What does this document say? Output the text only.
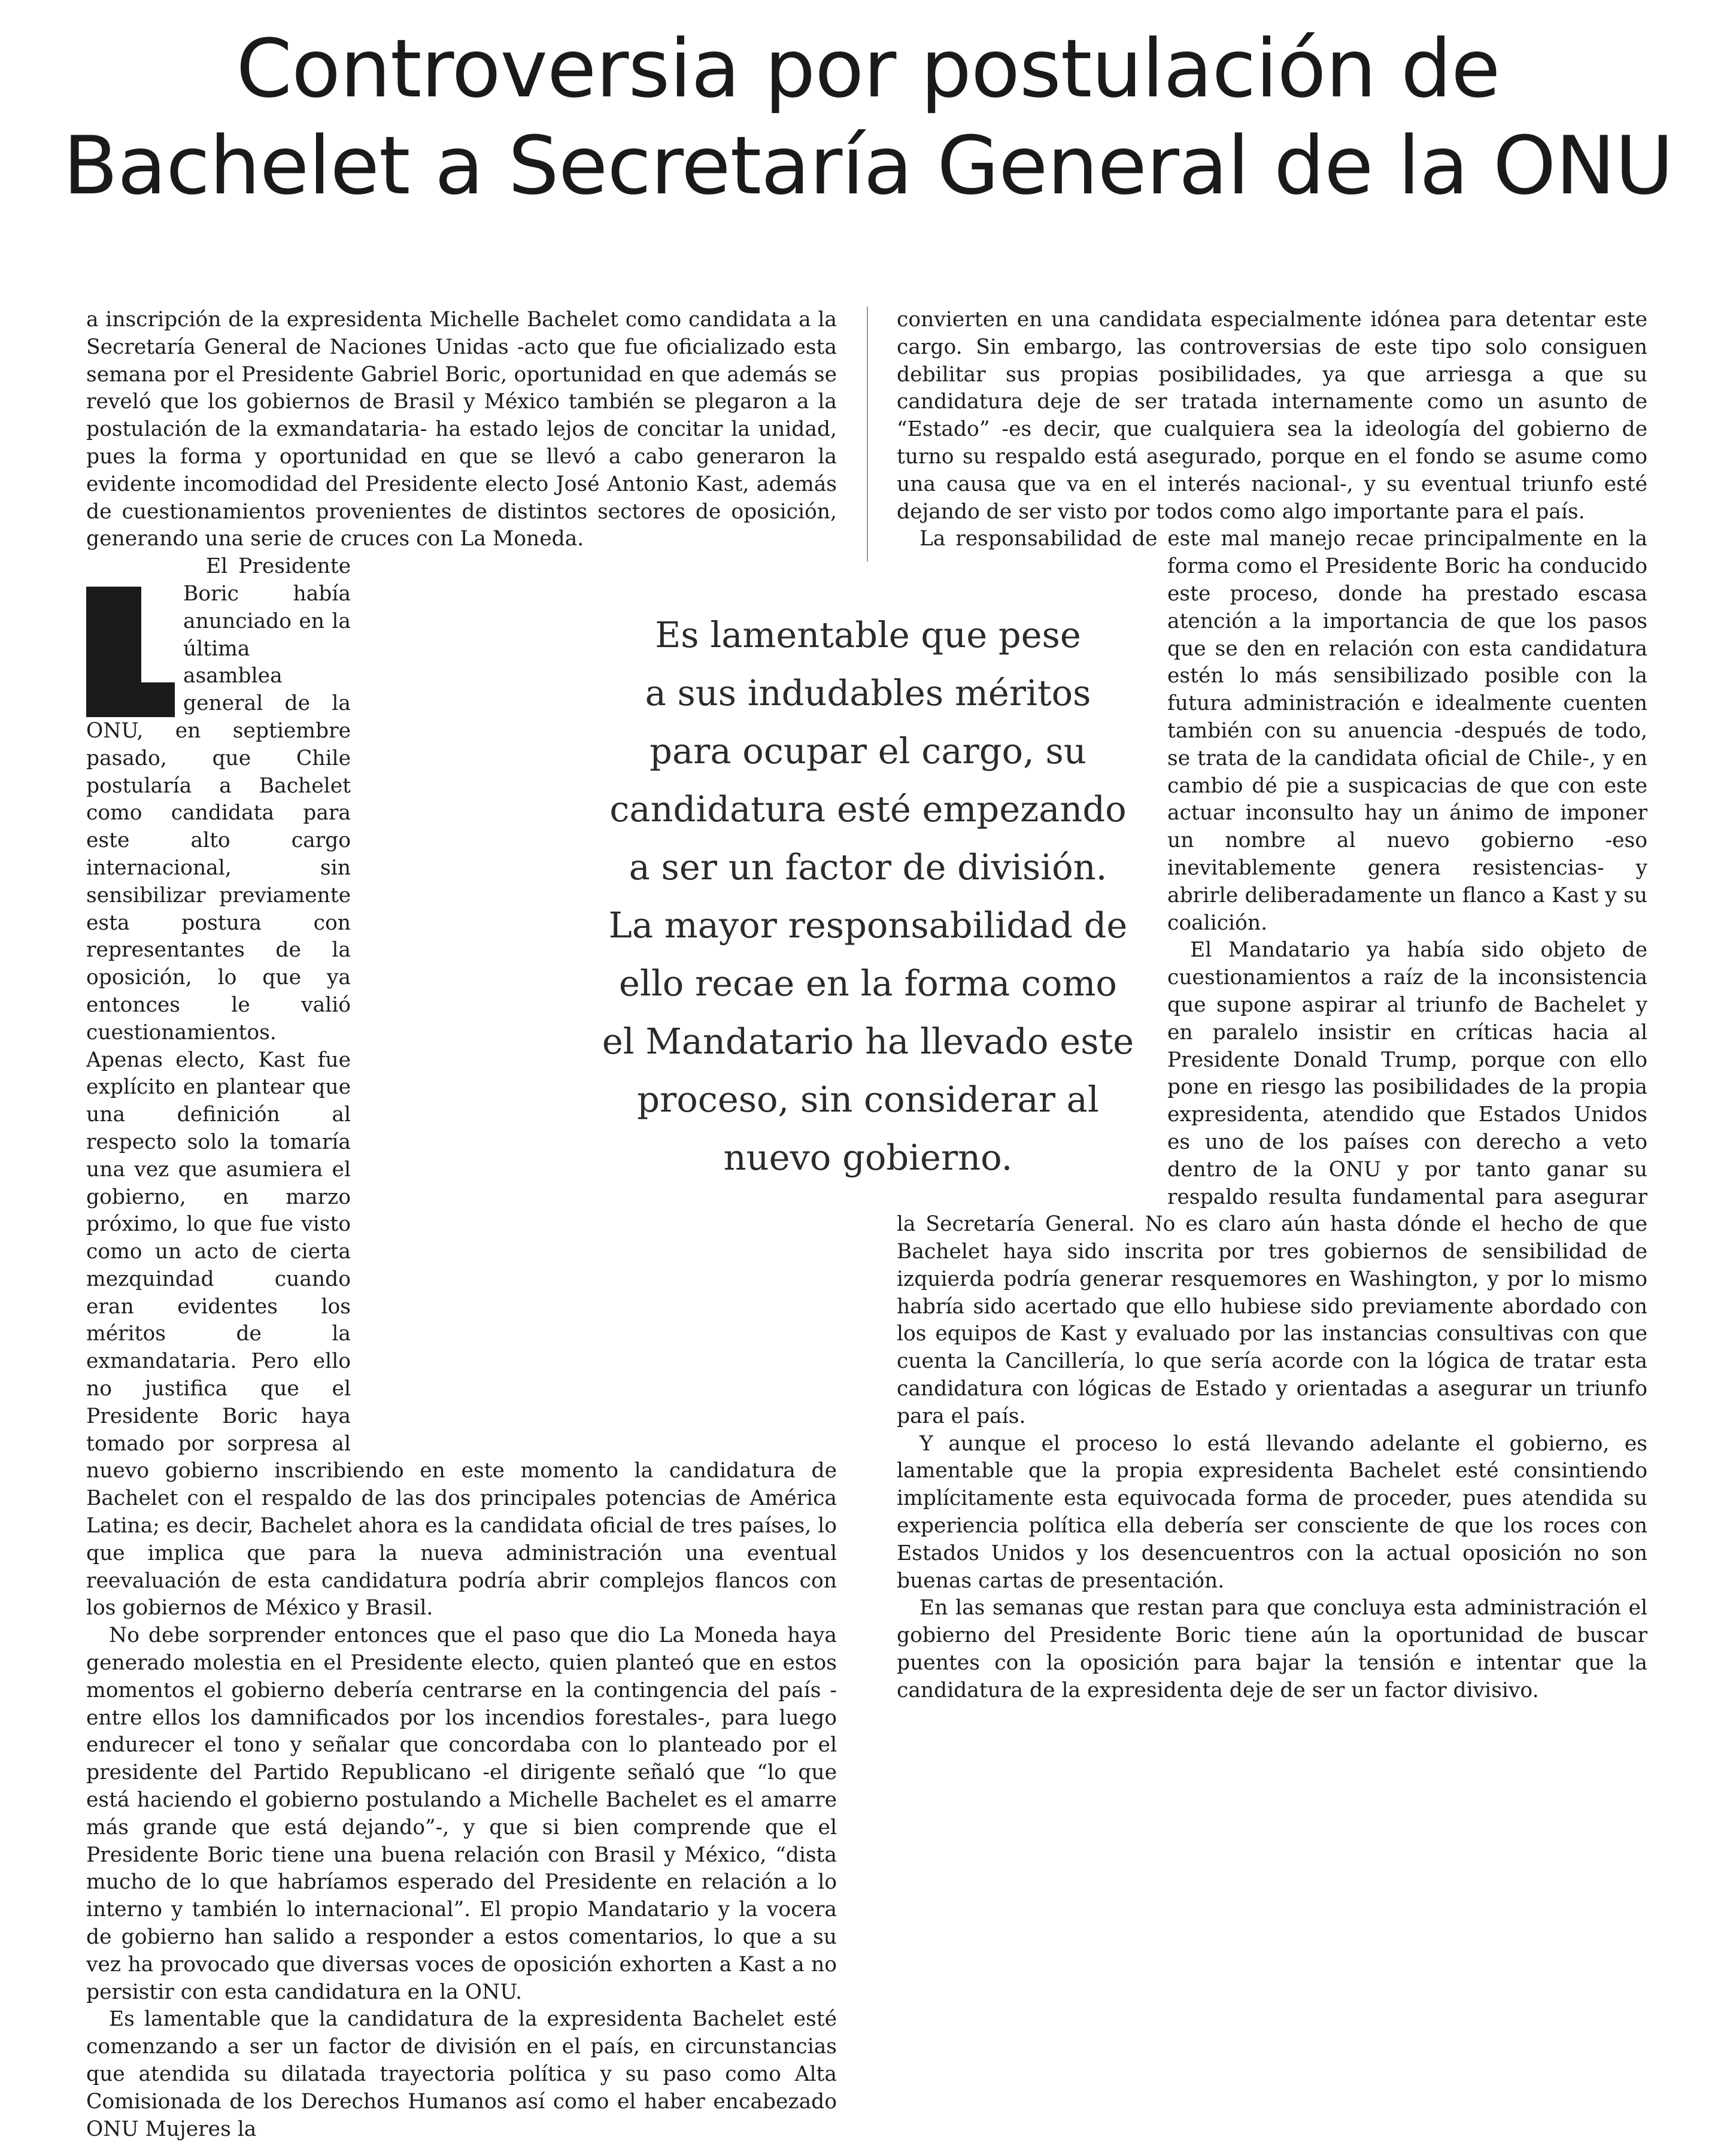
Controversia por postulación de
Bachelet a Secretaría General de la ONU

a inscripción de la expresidenta Michelle Bachelet como candidata a la Secretaría General de Naciones Unidas -acto que fue oficializado esta semana por el Presidente Gabriel Boric, oportunidad en que además se reveló que los gobiernos de Brasil y México también se plegaron a la postulación de la exmandataria- ha estado lejos de concitar la unidad, pues la forma y oportunidad en que se llevó a cabo generaron la evidente incomodidad del Presidente electo José Antonio Kast, además de cuestionamientos provenientes de distintos sectores de oposición, generando una serie de cruces con La Moneda.

El Presidente Boric había anunciado en la última asamblea general de la ONU, en septiembre pasado, que Chile postularía a Bachelet como candidata para este alto cargo internacional, sin sensibilizar previamente esta postura con representantes de la oposición, lo que ya entonces le valió cuestionamientos. Apenas electo, Kast fue explícito en plantear que una definición al respecto solo la tomaría una vez que asumiera el gobierno, en marzo próximo, lo que fue visto como un acto de cierta mezquindad cuando eran evidentes los méritos de la exmandataria. Pero ello no justifica que el Presidente Boric haya tomado por sorpresa al nuevo gobierno inscribiendo en este momento la candidatura de Bachelet con el respaldo de las dos principales potencias de América Latina; es decir, Bachelet ahora es la candidata oficial de tres países, lo que implica que para la nueva administración una eventual reevaluación de esta candidatura podría abrir complejos flancos con los gobiernos de México y Brasil.

No debe sorprender entonces que el paso que dio La Moneda haya generado molestia en el Presidente electo, quien planteó que en estos momentos el gobierno debería centrarse en la contingencia del país -entre ellos los damnificados por los incendios forestales-, para luego endurecer el tono y señalar que concordaba con lo planteado por el presidente del Partido Republicano -el dirigente señaló que “lo que está haciendo el gobierno postulando a Michelle Bachelet es el amarre más grande que está dejando”-, y que si bien comprende que el Presidente Boric tiene una buena relación con Brasil y México, “dista mucho de lo que habríamos esperado del Presidente en relación a lo interno y también lo internacional”. El propio Mandatario y la vocera de gobierno han salido a responder a estos comentarios, lo que a su vez ha provocado que diversas voces de oposición exhorten a Kast a no persistir con esta candidatura en la ONU.

Es lamentable que la candidatura de la expresidenta Bachelet esté comenzando a ser un factor de división en el país, en circunstancias que atendida su dilatada trayectoria política y su paso como Alta Comisionada de los Derechos Humanos así como el haber encabezado ONU Mujeres la

convierten en una candidata especialmente idónea para detentar este cargo. Sin embargo, las controversias de este tipo solo consiguen debilitar sus propias posibilidades, ya que arriesga a que su candidatura deje de ser tratada internamente como un asunto de “Estado” -es decir, que cualquiera sea la ideología del gobierno de turno su respaldo está asegurado, porque en el fondo se asume como una causa que va en el interés nacional-, y su eventual triunfo esté dejando de ser visto por todos como algo importante para el país.

La responsabilidad de este mal manejo recae principalmente en la forma como el Presidente Boric ha conducido este proceso, donde ha prestado escasa atención a la importancia de que los pasos que se den en relación con esta candidatura estén lo más sensibilizado posible con la futura administración e idealmente cuenten también con su anuencia -después de todo, se trata de la candidata oficial de Chile-, y en cambio dé pie a suspicacias de que con este actuar inconsulto hay un ánimo de imponer un nombre al nuevo gobierno -eso inevitablemente genera resistencias- y abrirle deliberadamente un flanco a Kast y su coalición.

El Mandatario ya había sido objeto de cuestionamientos a raíz de la inconsistencia que supone aspirar al triunfo de Bachelet y en paralelo insistir en críticas hacia al Presidente Donald Trump, porque con ello pone en riesgo las posibilidades de la propia expresidenta, atendido que Estados Unidos es uno de los países con derecho a veto dentro de la ONU y por tanto ganar su respaldo resulta fundamental para asegurar la Secretaría General. No es claro aún hasta dónde el hecho de que Bachelet haya sido inscrita por tres gobiernos de sensibilidad de izquierda podría generar resquemores en Washington, y por lo mismo habría sido acertado que ello hubiese sido previamente abordado con los equipos de Kast y evaluado por las instancias consultivas con que cuenta la Cancillería, lo que sería acorde con la lógica de tratar esta candidatura con lógicas de Estado y orientadas a asegurar un triunfo para el país.

Y aunque el proceso lo está llevando adelante el gobierno, es lamentable que la propia expresidenta Bachelet esté consintiendo implícitamente esta equivocada forma de proceder, pues atendida su experiencia política ella debería ser consciente de que los roces con Estados Unidos y los desencuentros con la actual oposición no son buenas cartas de presentación.

En las semanas que restan para que concluya esta administración el gobierno del Presidente Boric tiene aún la oportunidad de buscar puentes con la oposición para bajar la tensión e intentar que la candidatura de la expresidenta deje de ser un factor divisivo.

Es lamentable que pese
a sus indudables méritos
para ocupar el cargo, su
candidatura esté empezando
a ser un factor de división.
La mayor responsabilidad de
ello recae en la forma como
el Mandatario ha llevado este
proceso, sin considerar al
nuevo gobierno.
